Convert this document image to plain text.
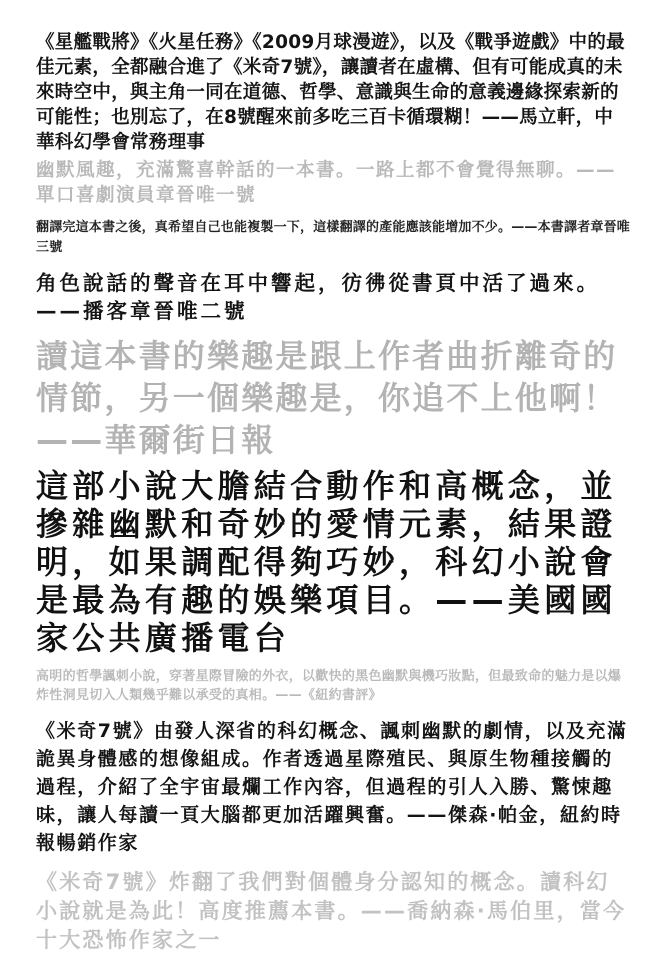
《星艦戰將》《火星任務》《2009月球漫遊》，以及《戰爭遊戲》中的最佳元素，全都融合進了《米奇7號》，讓讀者在虛構、但有可能成真的未來時空中，與主角一同在道德、哲學、意識與生命的意義邊緣探索新的可能性；也別忘了，在8號醒來前多吃三百卡循環糊！——馬立軒，中華科幻學會常務理事

幽默風趣，充滿驚喜幹話的一本書。一路上都不會覺得無聊。——單口喜劇演員章晉唯一號

翻譯完這本書之後，真希望自己也能複製一下，這樣翻譯的產能應該能增加不少。——本書譯者章晉唯三號

角色說話的聲音在耳中響起，彷彿從書頁中活了過來。——播客章晉唯二號

讀這本書的樂趣是跟上作者曲折離奇的情節，另一個樂趣是，你追不上他啊！——華爾街日報

這部小說大膽結合動作和高概念，並摻雜幽默和奇妙的愛情元素，結果證明，如果調配得夠巧妙，科幻小說會是最為有趣的娛樂項目。——美國國家公共廣播電台

高明的哲學諷刺小說，穿著星際冒險的外衣，以歡快的黑色幽默與機巧妝點，但最致命的魅力是以爆炸性洞見切入人類幾乎難以承受的真相。——《紐約書評》

《米奇7號》由發人深省的科幻概念、諷刺幽默的劇情，以及充滿詭異身體感的想像組成。作者透過星際殖民、與原生物種接觸的過程，介紹了全宇宙最爛工作內容，但過程的引人入勝、驚悚趣味，讓人每讀一頁大腦都更加活躍興奮。——傑森·帕金，紐約時報暢銷作家

《米奇7號》炸翻了我們對個體身分認知的概念。讀科幻小說就是為此！高度推薦本書。——喬納森·馬伯里，當今十大恐怖作家之一
